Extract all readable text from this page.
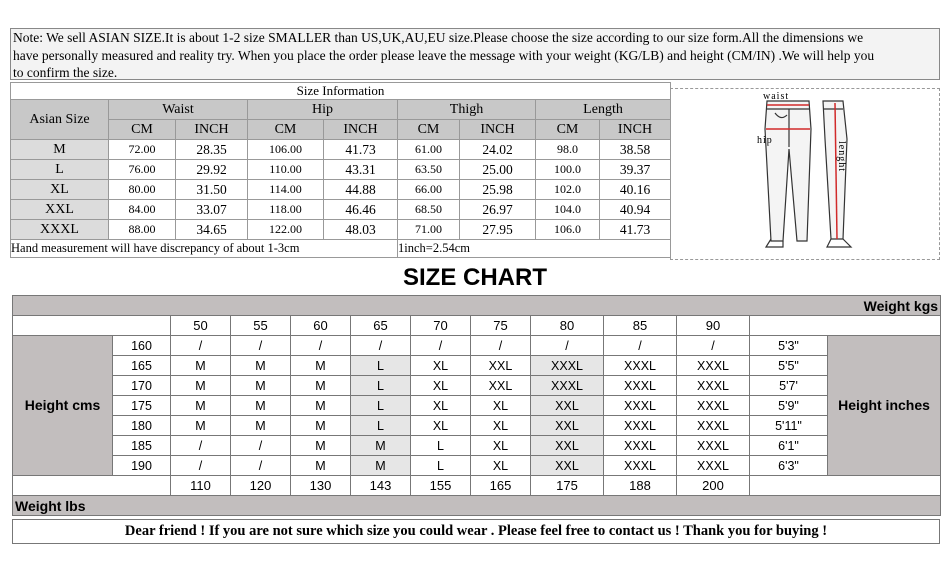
Note: We sell ASIAN SIZE.It is about 1-2 size SMALLER than US,UK,AU,EU size.Please choose the size according to our size form.All the dimensions we
have personally measured and reality try. When you place the order please leave the message with your weight (KG/LB) and height (CM/IN) .We will help you
to confirm the size.
Size Information								
Asian Size	Waist		Hip		Thigh		Length	
	CM	INCH	CM	INCH	CM	INCH	CM	INCH
M	72.00	28.35	106.00	41.73	61.00	24.02	98.0	38.58
L	76.00	29.92	110.00	43.31	63.50	25.00	100.0	39.37
XL	80.00	31.50	114.00	44.88	66.00	25.98	102.0	40.16
XXL	84.00	33.07	118.00	46.46	68.50	26.97	104.0	40.94
XXXL	88.00	34.65	122.00	48.03	71.00	27.95	106.0	41.73
Hand measurement will have discrepancy of about 1-3cm					1inch=2.54cm			
waist
hip
lenght
SIZE CHART
Weight kgs												
		50	55	60	65	70	75	80	85	90		
Height cms	160	/	/	/	/	/	/	/	/	/	5'3"	Height inches
	165	M	M	M	L	XL	XXL	XXXL	XXXL	XXXL	5'5"	
	170	M	M	M	L	XL	XXL	XXXL	XXXL	XXXL	5'7'	
	175	M	M	M	L	XL	XL	XXL	XXXL	XXXL	5'9"	
	180	M	M	M	L	XL	XL	XXL	XXXL	XXXL	5'11"	
	185	/	/	M	M	L	XL	XXL	XXXL	XXXL	6'1"	
	190	/	/	M	M	L	XL	XXL	XXXL	XXXL	6'3"	
		110	120	130	143	155	165	175	188	200		
Weight lbs												
Dear friend ! If you are not sure which size you could wear . Please feel free to contact us ! Thank you for buying !
